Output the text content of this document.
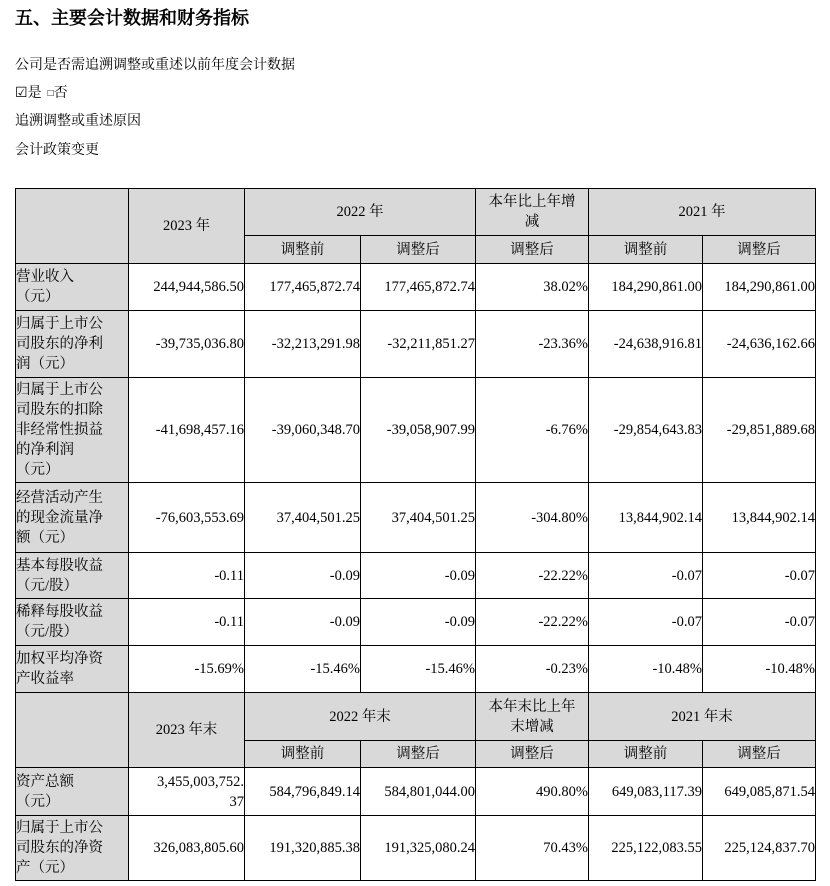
五、主要会计数据和财务指标
公司是否需追溯调整或重述以前年度会计数据
☑是 □否
追溯调整或重述原因
会计政策变更
	2023 年	2022 年		本年比上年增减	2021 年	
		调整前	调整后	调整后	调整前	调整后

营业收入（元）	244,944,586.50	177,465,872.74	177,465,872.74	38.02%	184,290,861.00	184,290,861.00

归属于上市公司股东的净利润（元）	-39,735,036.80	-32,213,291.98	-32,211,851.27	-23.36%	-24,638,916.81	-24,636,162.66

归属于上市公司股东的扣除非经常性损益的净利润（元）	-41,698,457.16	-39,060,348.70	-39,058,907.99	-6.76%	-29,854,643.83	-29,851,889.68

经营活动产生的现金流量净额（元）	-76,603,553.69	37,404,501.25	37,404,501.25	-304.80%	13,844,902.14	13,844,902.14

基本每股收益（元/股）	-0.11	-0.09	-0.09	-22.22%	-0.07	-0.07

稀释每股收益（元/股）	-0.11	-0.09	-0.09	-22.22%	-0.07	-0.07

加权平均净资产收益率	-15.69%	-15.46%	-15.46%	-0.23%	-10.48%	-10.48%
	2023 年末	2022 年末		本年末比上年末增减	2021 年末	
		调整前	调整后	调整后	调整前	调整后

资产总额（元）	3,455,003,752.37	584,796,849.14	584,801,044.00	490.80%	649,083,117.39	649,085,871.54

归属于上市公司股东的净资产（元）	326,083,805.60	191,320,885.38	191,325,080.24	70.43%	225,122,083.55	225,124,837.70
